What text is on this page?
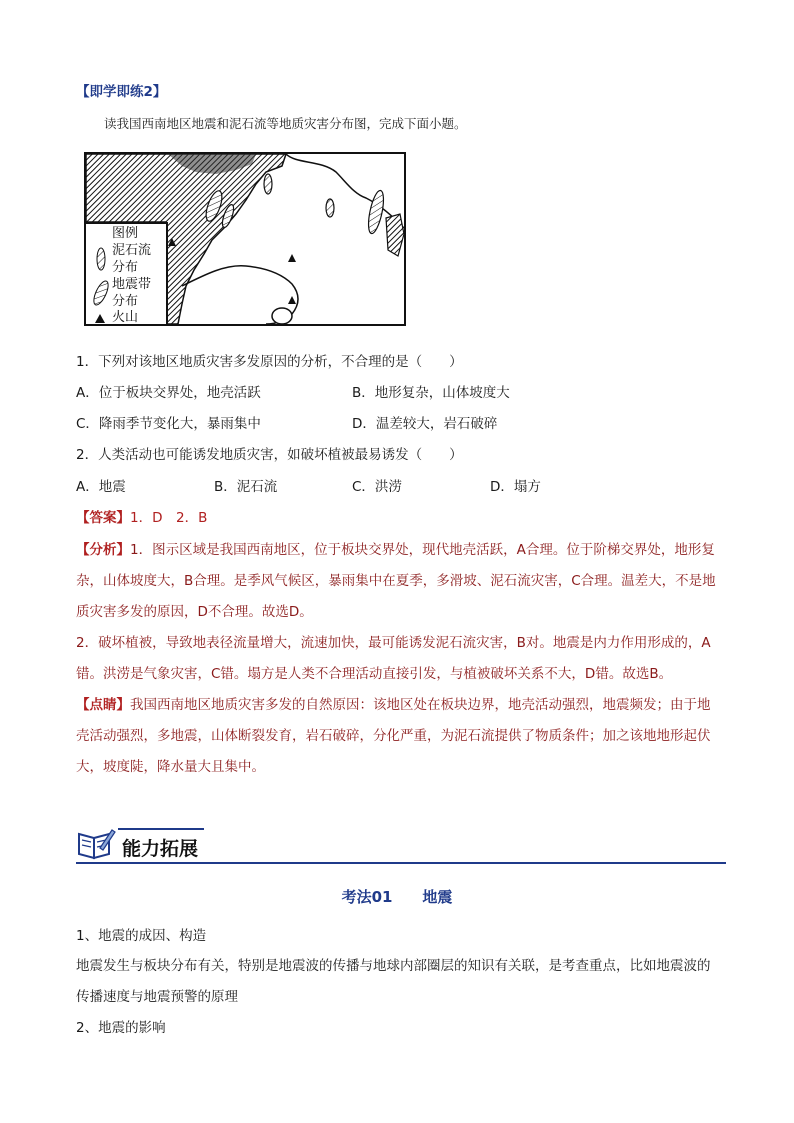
【即学即练2】
读我国西南地区地震和泥石流等地质灾害分布图，完成下面小题。
图例
泥石流
分布
地震带
分布
火山
1．下列对该地区地质灾害多发原因的分析，不合理的是（　　）
A．位于板块交界处，地壳活跃	B．地形复杂，山体坡度大
C．降雨季节变化大，暴雨集中	D．温差较大，岩石破碎
2．人类活动也可能诱发地质灾害，如破坏植被最易诱发（　　）
A．地震	B．泥石流	C．洪涝	D．塌方
【答案】1．D　2．B
【分析】1．图示区域是我国西南地区，位于板块交界处，现代地壳活跃，A合理。位于阶梯交界处，地形复杂，山体坡度大，B合理。是季风气候区，暴雨集中在夏季，多滑坡、泥石流灾害，C合理。温差大，不是地质灾害多发的原因，D不合理。故选D。
2．破坏植被，导致地表径流量增大，流速加快，最可能诱发泥石流灾害，B对。地震是内力作用形成的，A错。洪涝是气象灾害，C错。塌方是人类不合理活动直接引发，与植被破坏关系不大，D错。故选B。
【点睛】我国西南地区地质灾害多发的自然原因：该地区处在板块边界，地壳活动强烈，地震频发；由于地壳活动强烈，多地震，山体断裂发育，岩石破碎，分化严重，为泥石流提供了物质条件；加之该地地形起伏大，坡度陡，降水量大且集中。
能力拓展
考法01　　地震
1、地震的成因、构造
地震发生与板块分布有关，特别是地震波的传播与地球内部圈层的知识有关联，是考查重点，比如地震波的传播速度与地震预警的原理
2、地震的影响
